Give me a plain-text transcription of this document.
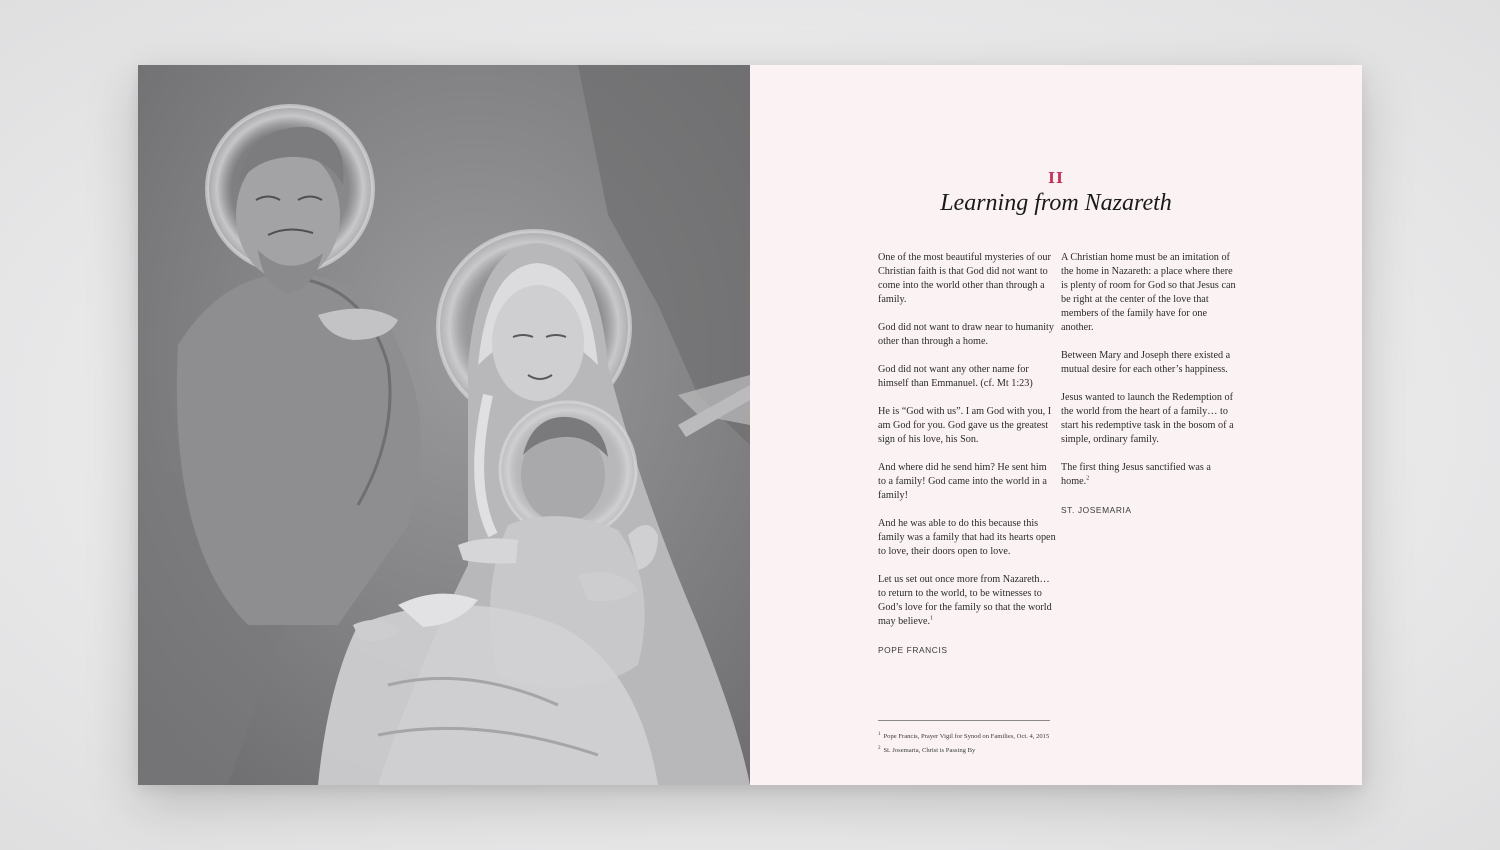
II
Learning from Nazareth

One of the most beautiful mysteries of our Christian faith is that God did not want to come into the world other than through a family.

God did not want to draw near to humanity other than through a home.

God did not want any other name for himself than Emmanuel. (cf. Mt 1:23)

He is “God with us”. I am God with you, I am God for you. God gave us the greatest sign of his love, his Son.

And where did he send him? He sent him to a family! God came into the world in a family!

And he was able to do this because this family was a family that had its hearts open to love, their doors open to love.

Let us set out once more from Nazareth… to return to the world, to be witnesses to God’s love for the family so that the world may believe.$^1$

POPE FRANCIS

A Christian home must be an imitation of the home in Nazareth: a place where there is plenty of room for God so that Jesus can be right at the center of the love that members of the family have for one another.

Between Mary and Joseph there existed a mutual desire for each other’s happiness.

Jesus wanted to launch the Redemption of the world from the heart of a family… to start his redemptive task in the bosom of a simple, ordinary family.

The first thing Jesus sanctified was a home.$^2$

ST. JOSEMARIA
$^1$ Pope Francis, Prayer Vigil for Synod on Families, Oct. 4, 2015
$^2$ St. Josemaria, Christ is Passing By
